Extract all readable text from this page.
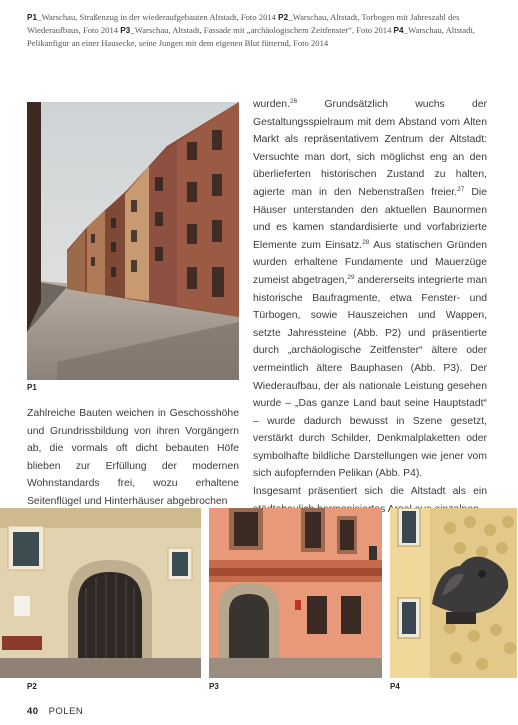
P1_Warschau, Straßenzug in der wiederaufgebauten Altstadt, Foto 2014 P2_Warschau, Altstadt, Torbogen mit Jahreszahl des Wiederaufbaus, Foto 2014 P3_Warschau, Altstadt, Fassade mit „archäologischem Zeitfenster“, Foto 2014 P4_Warschau, Altstadt, Pelikanfigur an einer Hausecke, seine Jungen mit dem eigenen Blut fütternd, Foto 2014
P1

Zahlreiche Bauten weichen in Geschosshöhe und Grundrissbildung von ihren Vorgängern ab, die vormals oft dicht bebauten Höfe blieben zur Erfüllung der modernen Wohnstandards frei, wozu erhaltene Seitenflügel und Hinterhäuser abgebrochen

wurden.$^{26}$ Grundsätzlich wuchs der Gestaltungsspielraum mit dem Abstand vom Alten Markt als repräsentativem Zentrum der Altstadt: Versuchte man dort, sich möglichst eng an den überlieferten historischen Zustand zu halten, agierte man in den Nebenstraßen freier.$^{27}$ Die Häuser unterstanden den aktuellen Baunormen und es kamen standardisierte und vorfabrizierte Elemente zum Einsatz.$^{28}$ Aus statischen Gründen wurden erhaltene Fundamente und Mauerzüge zumeist abgetragen,$^{29}$ andererseits integrierte man historische Baufragmente, etwa Fenster- und Türbogen, sowie Hauszeichen und Wappen, setzte Jahressteine (Abb. P2) und präsentierte durch „archäologische Zeitfenster“ ältere oder vermeintlich ältere Bauphasen (Abb. P3). Der Wiederaufbau, der als nationale Leistung gesehen wurde – „Das ganze Land baut seine Hauptstadt“ – wurde dadurch bewusst in Szene gesetzt, verstärkt durch Schilder, Denkmalplaketten oder symbolhafte bildliche Darstellungen wie jener vom sich aufopfernden Pelikan (Abb. P4).

Insgesamt präsentiert sich die Altstadt als ein

P2	P3	P4
40 POLEN
